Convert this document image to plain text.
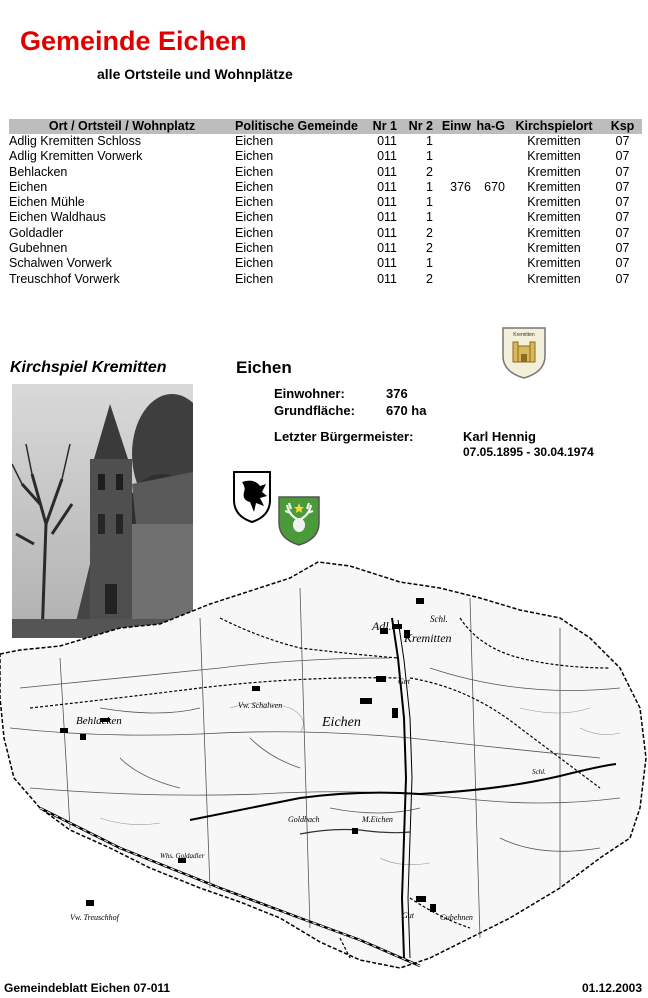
Gemeinde Eichen
alle Ortsteile und Wohnplätze
Ort / Ortsteil / Wohnplatz	Politische Gemeinde	Nr 1	Nr 2	Einw	ha-G	Kirchspielort	Ksp
Adlig Kremitten Schloss	Eichen	011	1			Kremitten	07
Adlig Kremitten Vorwerk	Eichen	011	1			Kremitten	07
Behlacken	Eichen	011	2			Kremitten	07
Eichen	Eichen	011	1	376	670	Kremitten	07
Eichen Mühle	Eichen	011	1			Kremitten	07
Eichen Waldhaus	Eichen	011	1			Kremitten	07
Goldadler	Eichen	011	2			Kremitten	07
Gubehnen	Eichen	011	2			Kremitten	07
Schalwen Vorwerk	Eichen	011	1			Kremitten	07
Treuschhof Vorwerk	Eichen	011	2			Kremitten	07
Kirchspiel Kremitten	Eichen
Einwohner:	376
Grundfläche: 670 ha
Letzter Bürgermeister:	Karl Hennig
07.05.1895 - 30.04.1974
Kremitten
Adl.
Kremitten
Schl.
Gut
Vw. Schalwen
Eichen
Behlacken
Goldbach	M.Eichen
Whs. Goldadler
Vw. Treuschhof	Gut	Gubehnen
Schl.
Gemeindeblatt Eichen 07-011	01.12.2003
